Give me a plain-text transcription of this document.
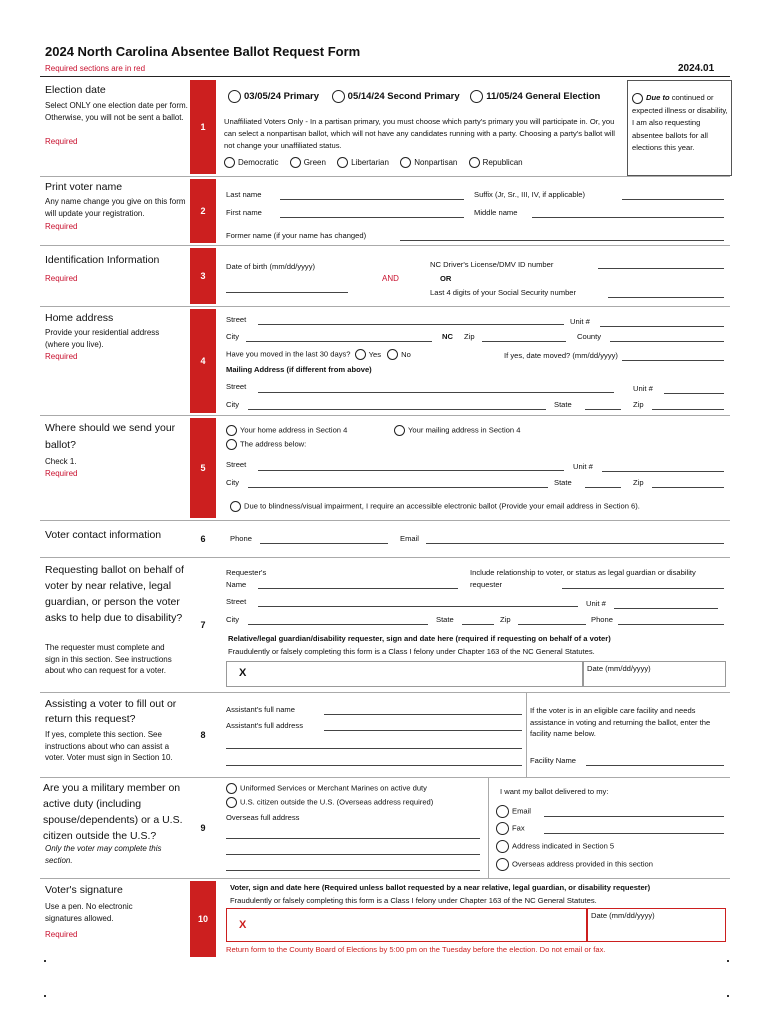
2024 North Carolina Absentee Ballot Request Form
Required sections are in red	2024.01
Election date
Select ONLY one election date per form. Otherwise, you will not be sent a ballot.
Required
1
03/05/24 Primary	05/14/24 Second Primary	11/05/24 General Election
Unaffiliated Voters Only - In a partisan primary, you must choose which party's primary you will participate in. Or, you can select a nonpartisan ballot, which will not have any candidates running with a party. Choosing a party's ballot will not change your unaffiliated status.
Democratic	Green	Libertarian	Nonpartisan	Republican
Due to continued or expected illness or disability, I am also requesting absentee ballots for all elections this year.
Print voter name
Any name change you give on this form will update your registration.
Required
2
Last name
First name
Suffix (Jr, Sr., III, IV, if applicable)
Middle name
Former name (if your name has changed)
Identification Information
Required	3
Date of birth (mm/dd/yyyy)
AND
NC Driver's License/DMV ID number
OR
Last 4 digits of your Social Security number
Home address
Provide your residential address (where you live).
Required	4
Street	Unit #
City	NC Zip	County
Have you moved in the last 30 days? Yes	No	If yes, date moved? (mm/dd/yyyy)
Mailing Address (if different from above)
Street	Unit #
City	State	Zip
Where should we send your ballot?
Check 1.
Required
5
Your home address in Section 4	Your mailing address in Section 4
The address below:
Street	Unit #
City	State	Zip
Due to blindness/visual impairment, I require an accessible electronic ballot (Provide your email address in Section 6).
Voter contact information	6	Phone	Email
Requesting ballot on behalf of voter by near relative, legal guardian, or person the voter asks to help due to disability?
The requester must complete and sign in this section. See instructions about who can request for a voter.
7
Requester's Name
Include relationship to voter, or status as legal guardian or disability requester
Street	Unit #
City	State	Zip	Phone
Relative/legal guardian/disability requester, sign and date here (required if requesting on behalf of a voter)
Fraudulently or falsely completing this form is a Class I felony under Chapter 163 of the NC General Statutes.
X	Date (mm/dd/yyyy)
Assisting a voter to fill out or return this request?
If yes, complete this section. See instructions about who can assist a voter. Voter must sign in Section 10.
8
Assistant's full name
Assistant's full address
If the voter is in an eligible care facility and needs assistance in voting and returning the ballot, enter the facility name below.
Facility Name
Are you a military member on active duty (including spouse/dependents) or a U.S. citizen outside the U.S.?
Only the voter may complete this section.
9
Uniformed Services or Merchant Marines on active duty
U.S. citizen outside the U.S. (Overseas address required)
Overseas full address
I want my ballot delivered to my:
Email
Fax
Address indicated in Section 5
Overseas address provided in this section
Voter's signature
Use a pen. No electronic signatures allowed.
Required
10
Voter, sign and date here (Required unless ballot requested by a near relative, legal guardian, or disability requester)
Fraudulently or falsely completing this form is a Class I felony under Chapter 163 of the NC General Statutes.
X
Date (mm/dd/yyyy)
Return form to the County Board of Elections by 5:00 pm on the Tuesday before the election. Do not email or fax.
